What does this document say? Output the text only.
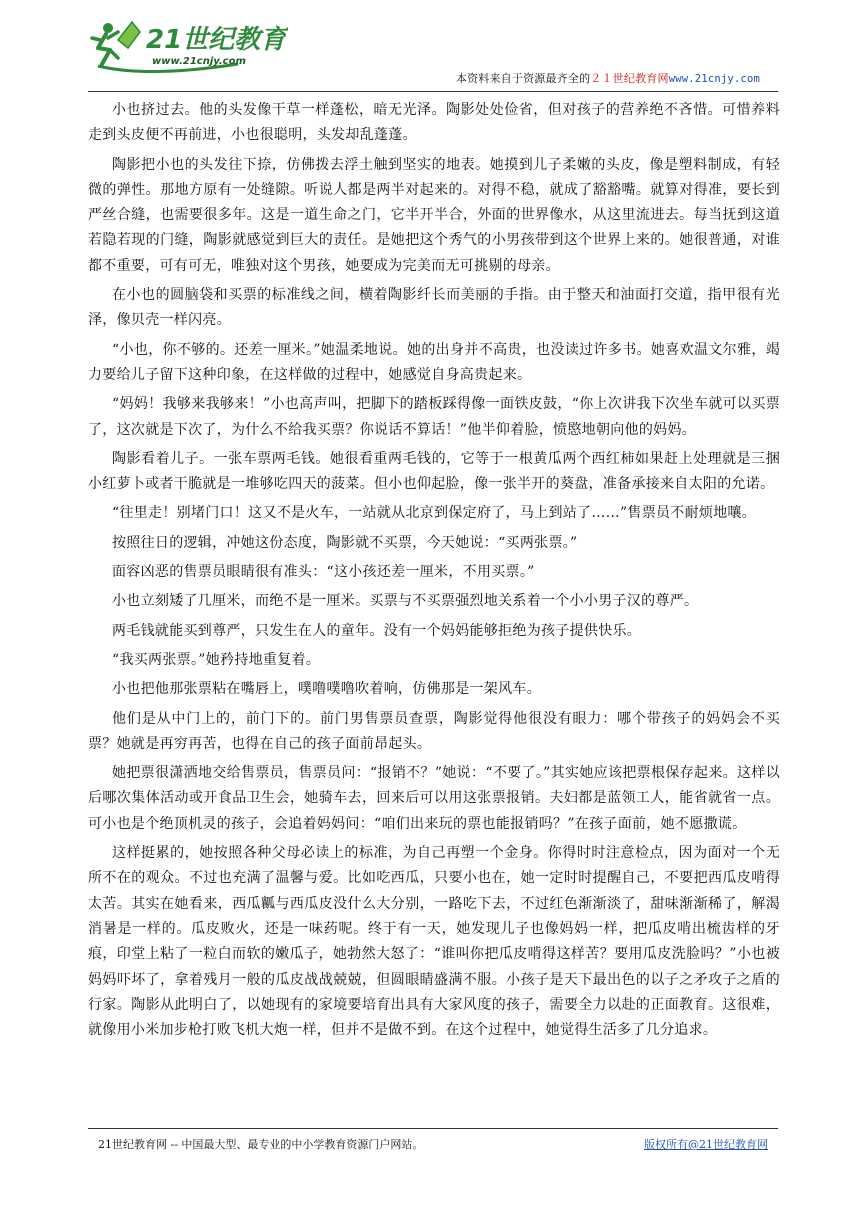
21世纪教育
www.21cnjy.com
本资料来自于资源最齐全的２１世纪教育网www.21cnjy.com

小也挤过去。他的头发像干草一样蓬松，暗无光泽。陶影处处俭省，但对孩子的营养绝不吝惜。可惜养料走到头皮便不再前进，小也很聪明，头发却乱蓬蓬。

陶影把小也的头发往下捺，仿佛拨去浮土触到坚实的地表。她摸到儿子柔嫩的头皮，像是塑料制成，有轻微的弹性。那地方原有一处缝隙。听说人都是两半对起来的。对得不稳，就成了豁豁嘴。就算对得准，要长到严丝合缝，也需要很多年。这是一道生命之门，它半开半合，外面的世界像水，从这里流进去。每当抚到这道若隐若现的门缝，陶影就感觉到巨大的责任。是她把这个秀气的小男孩带到这个世界上来的。她很普通，对谁都不重要，可有可无，唯独对这个男孩，她要成为完美而无可挑剔的母亲。

在小也的圆脑袋和买票的标准线之间，横着陶影纤长而美丽的手指。由于整天和油面打交道，指甲很有光泽，像贝壳一样闪亮。

“小也，你不够的。还差一厘米。”她温柔地说。她的出身并不高贵，也没读过许多书。她喜欢温文尔雅，竭力要给儿子留下这种印象，在这样做的过程中，她感觉自身高贵起来。

“妈妈！我够来我够来！”小也高声叫，把脚下的踏板踩得像一面铁皮鼓，“你上次讲我下次坐车就可以买票了，这次就是下次了，为什么不给我买票？你说话不算话！”他半仰着脸，愤愍地朝向他的妈妈。

陶影看着儿子。一张车票两毛钱。她很看重两毛钱的，它等于一根黄瓜两个西红柿如果赶上处理就是三捆小红萝卜或者干脆就是一堆够吃四天的菠菜。但小也仰起脸，像一张半开的葵盘，准备承接来自太阳的允诺。

“往里走！别堵门口！这又不是火车，一站就从北京到保定府了，马上到站了……”售票员不耐烦地嚷。

按照往日的逻辑，冲她这份态度，陶影就不买票，今天她说：“买两张票。”

面容凶恶的售票员眼睛很有准头：“这小孩还差一厘米，不用买票。”

小也立刻矮了几厘米，而绝不是一厘米。买票与不买票强烈地关系着一个小小男子汉的尊严。

两毛钱就能买到尊严，只发生在人的童年。没有一个妈妈能够拒绝为孩子提供快乐。

“我买两张票。”她矜持地重复着。

小也把他那张票粘在嘴唇上，噗噜噗噜吹着响，仿佛那是一架风车。

他们是从中门上的，前门下的。前门男售票员查票，陶影觉得他很没有眼力：哪个带孩子的妈妈会不买票？她就是再穷再苦，也得在自己的孩子面前昂起头。

她把票很潇洒地交给售票员，售票员问：“报销不？”她说：“不要了。”其实她应该把票根保存起来。这样以后哪次集体活动或开食品卫生会，她骑车去，回来后可以用这张票报销。夫妇都是蓝领工人，能省就省一点。可小也是个绝顶机灵的孩子，会追着妈妈问：“咱们出来玩的票也能报销吗？”在孩子面前，她不愿撒谎。

这样挺累的，她按照各种父母必读上的标准，为自己再塑一个金身。你得时时注意检点，因为面对一个无所不在的观众。不过也充满了温馨与爱。比如吃西瓜，只要小也在，她一定时时提醒自己，不要把西瓜皮啃得太苦。其实在她看来，西瓜瓤与西瓜皮没什么大分别，一路吃下去，不过红色渐渐淡了，甜味渐渐稀了，解渴消暑是一样的。瓜皮败火，还是一味药呢。终于有一天，她发现儿子也像妈妈一样，把瓜皮啃出梳齿样的牙痕，印堂上粘了一粒白而软的嫩瓜子，她勃然大怒了：“谁叫你把瓜皮啃得这样苦？要用瓜皮洗脸吗？”小也被妈妈吓坏了，拿着残月一般的瓜皮战战兢兢，但圆眼睛盛满不服。小孩子是天下最出色的以子之矛攻子之盾的行家。陶影从此明白了，以她现有的家境要培育出具有大家风度的孩子，需要全力以赴的正面教育。这很难，就像用小米加步枪打败飞机大炮一样，但并不是做不到。在这个过程中，她觉得生活多了几分追求。

21世纪教育网 -- 中国最大型、最专业的中小学教育资源门户网站。	版权所有@21世纪教育网
